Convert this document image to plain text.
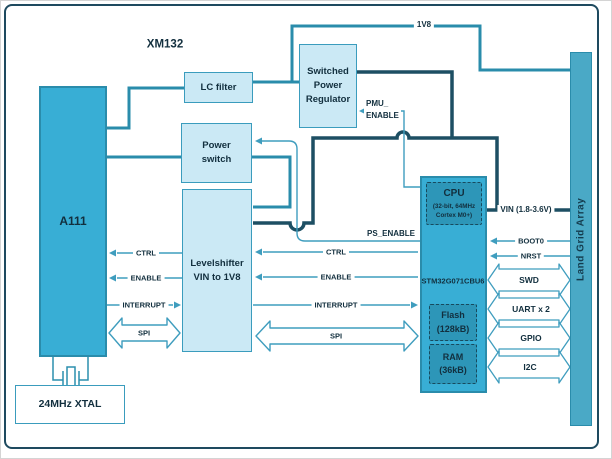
A111
LC filter
Power
switch
Switched
Power
Regulator
Levelshifter
VIN to 1V8
CPU
(32-bit, 64MHz
Cortex M0+)
STM32G071CBU6
Flash
(128kB)
RAM
(36kB)
Land Grid Array
24MHz XTAL
XM132
1V8
VIN (1.8-3.6V)
PMU_
ENABLE
PS_ENABLE
CTRL
ENABLE
INTERRUPT
SPI
CTRL
ENABLE
INTERRUPT
SPI
BOOT0
NRST
SWD
UART x 2
GPIO
I2C
